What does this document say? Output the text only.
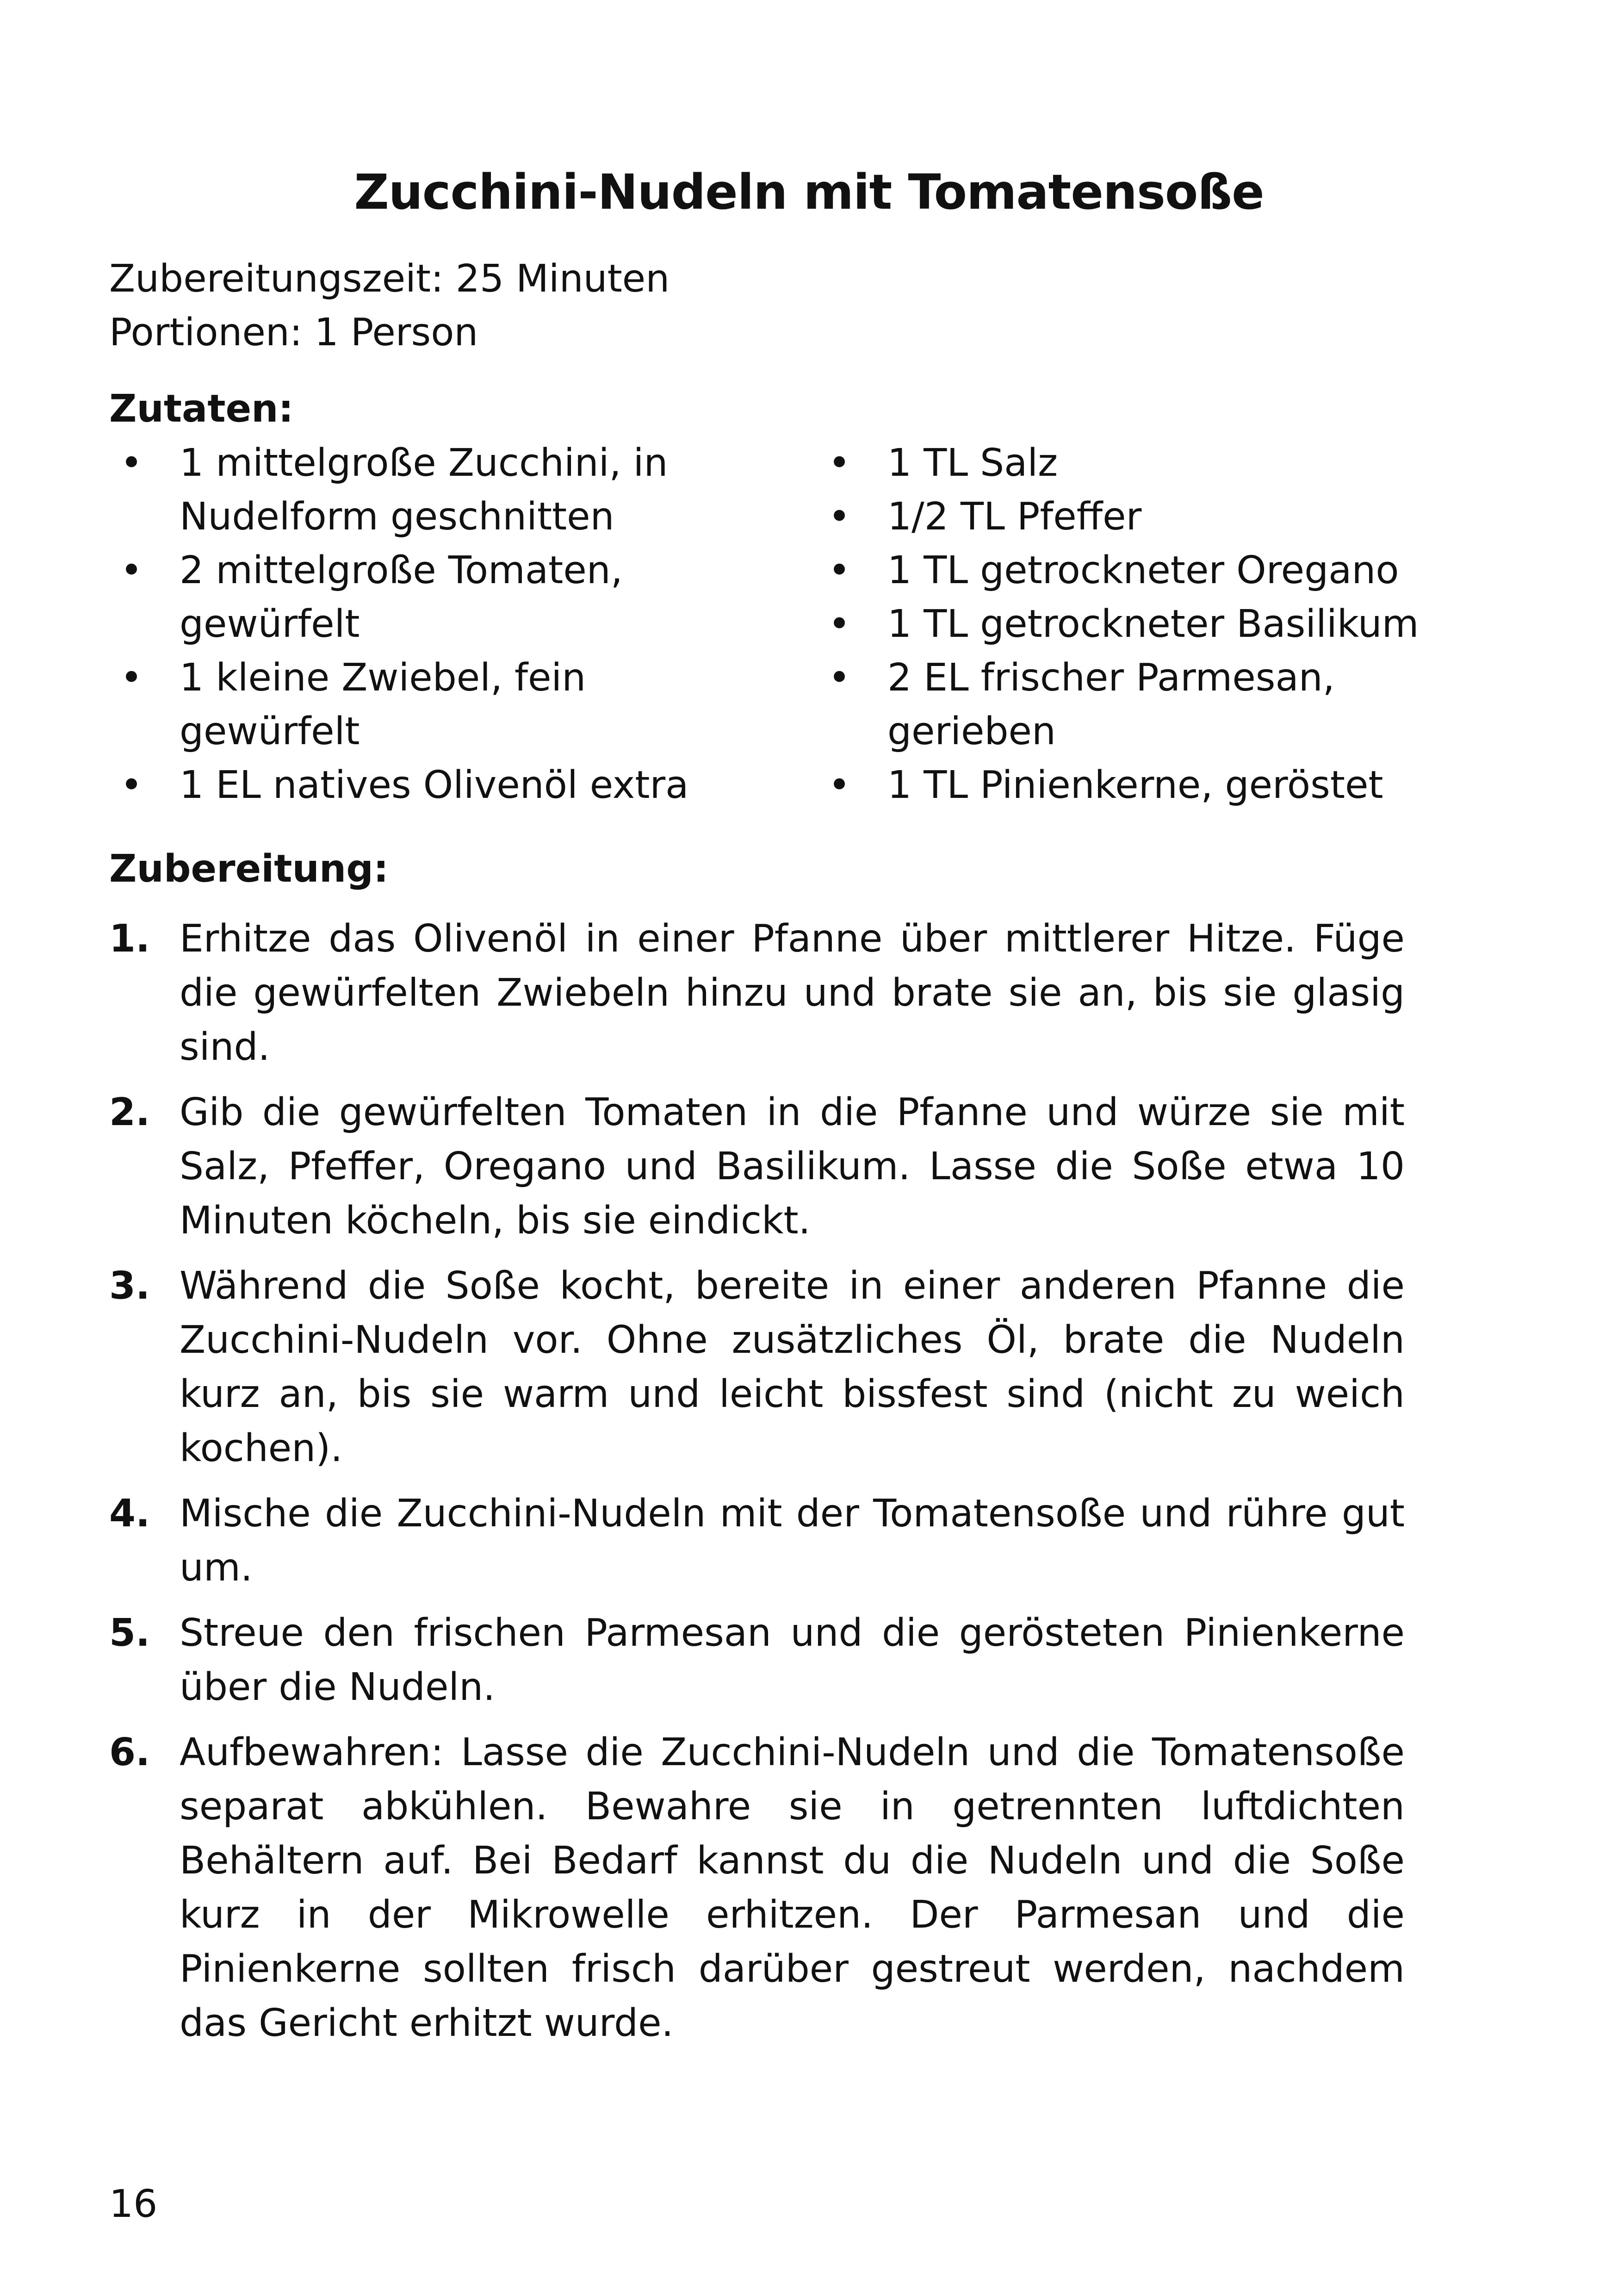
Zucchini-Nudeln mit Tomatensoße
Zubereitungszeit: 25 Minuten
Portionen: 1 Person
Zutaten:
• 1 mittelgroße Zucchini, in Nudelform geschnitten
• 2 mittelgroße Tomaten, gewürfelt
• 1 kleine Zwiebel, fein gewürfelt
• 1 EL natives Olivenöl extra
• 1 TL Salz
• 1/2 TL Pfeffer
• 1 TL getrockneter Oregano
• 1 TL getrockneter Basilikum
• 2 EL frischer Parmesan, gerieben
• 1 TL Pinienkerne, geröstet
Zubereitung:
1. Erhitze das Olivenöl in einer Pfanne über mittlerer Hitze. Füge die gewürfelten Zwiebeln hinzu und brate sie an, bis sie glasig sind.
2. Gib die gewürfelten Tomaten in die Pfanne und würze sie mit Salz, Pfeffer, Oregano und Basilikum. Lasse die Soße etwa 10 Minuten köcheln, bis sie eindickt.
3. Während die Soße kocht, bereite in einer anderen Pfanne die Zucchini-Nudeln vor. Ohne zusätzliches Öl, brate die Nudeln kurz an, bis sie warm und leicht bissfest sind (nicht zu weich kochen).
4. Mische die Zucchini-Nudeln mit der Tomatensoße und rühre gut um.
5. Streue den frischen Parmesan und die gerösteten Pinienkerne über die Nudeln.
6. Aufbewahren: Lasse die Zucchini-Nudeln und die Tomatensoße separat abkühlen. Bewahre sie in getrennten luftdichten Behältern auf. Bei Bedarf kannst du die Nudeln und die Soße kurz in der Mikrowelle erhitzen. Der Parmesan und die Pinienkerne sollten frisch darüber gestreut werden, nachdem das Gericht erhitzt wurde.
16
